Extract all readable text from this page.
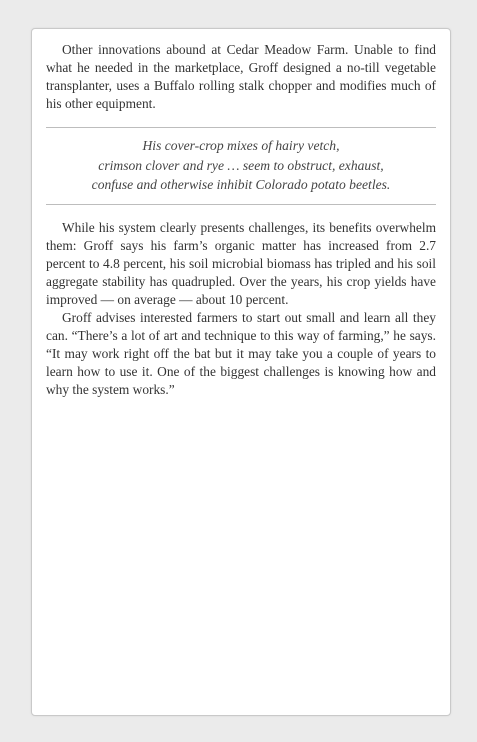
Other innovations abound at Cedar Meadow Farm. Unable to find what he needed in the marketplace, Groff designed a no-till vegetable transplanter, uses a Buffalo rolling stalk chopper and modifies much of his other equipment.

His cover-crop mixes of hairy vetch,
crimson clover and rye … seem to obstruct, exhaust,
confuse and otherwise inhibit Colorado potato beetles.

While his system clearly presents challenges, its benefits overwhelm them: Groff says his farm’s organic matter has increased from 2.7 percent to 4.8 percent, his soil microbial biomass has tripled and his soil aggregate stability has quadrupled. Over the years, his crop yields have improved — on average — about 10 percent.

Groff advises interested farmers to start out small and learn all they can. “There’s a lot of art and technique to this way of farming,” he says. “It may work right off the bat but it may take you a couple of years to learn how to use it. One of the biggest challenges is knowing how and why the system works.”
